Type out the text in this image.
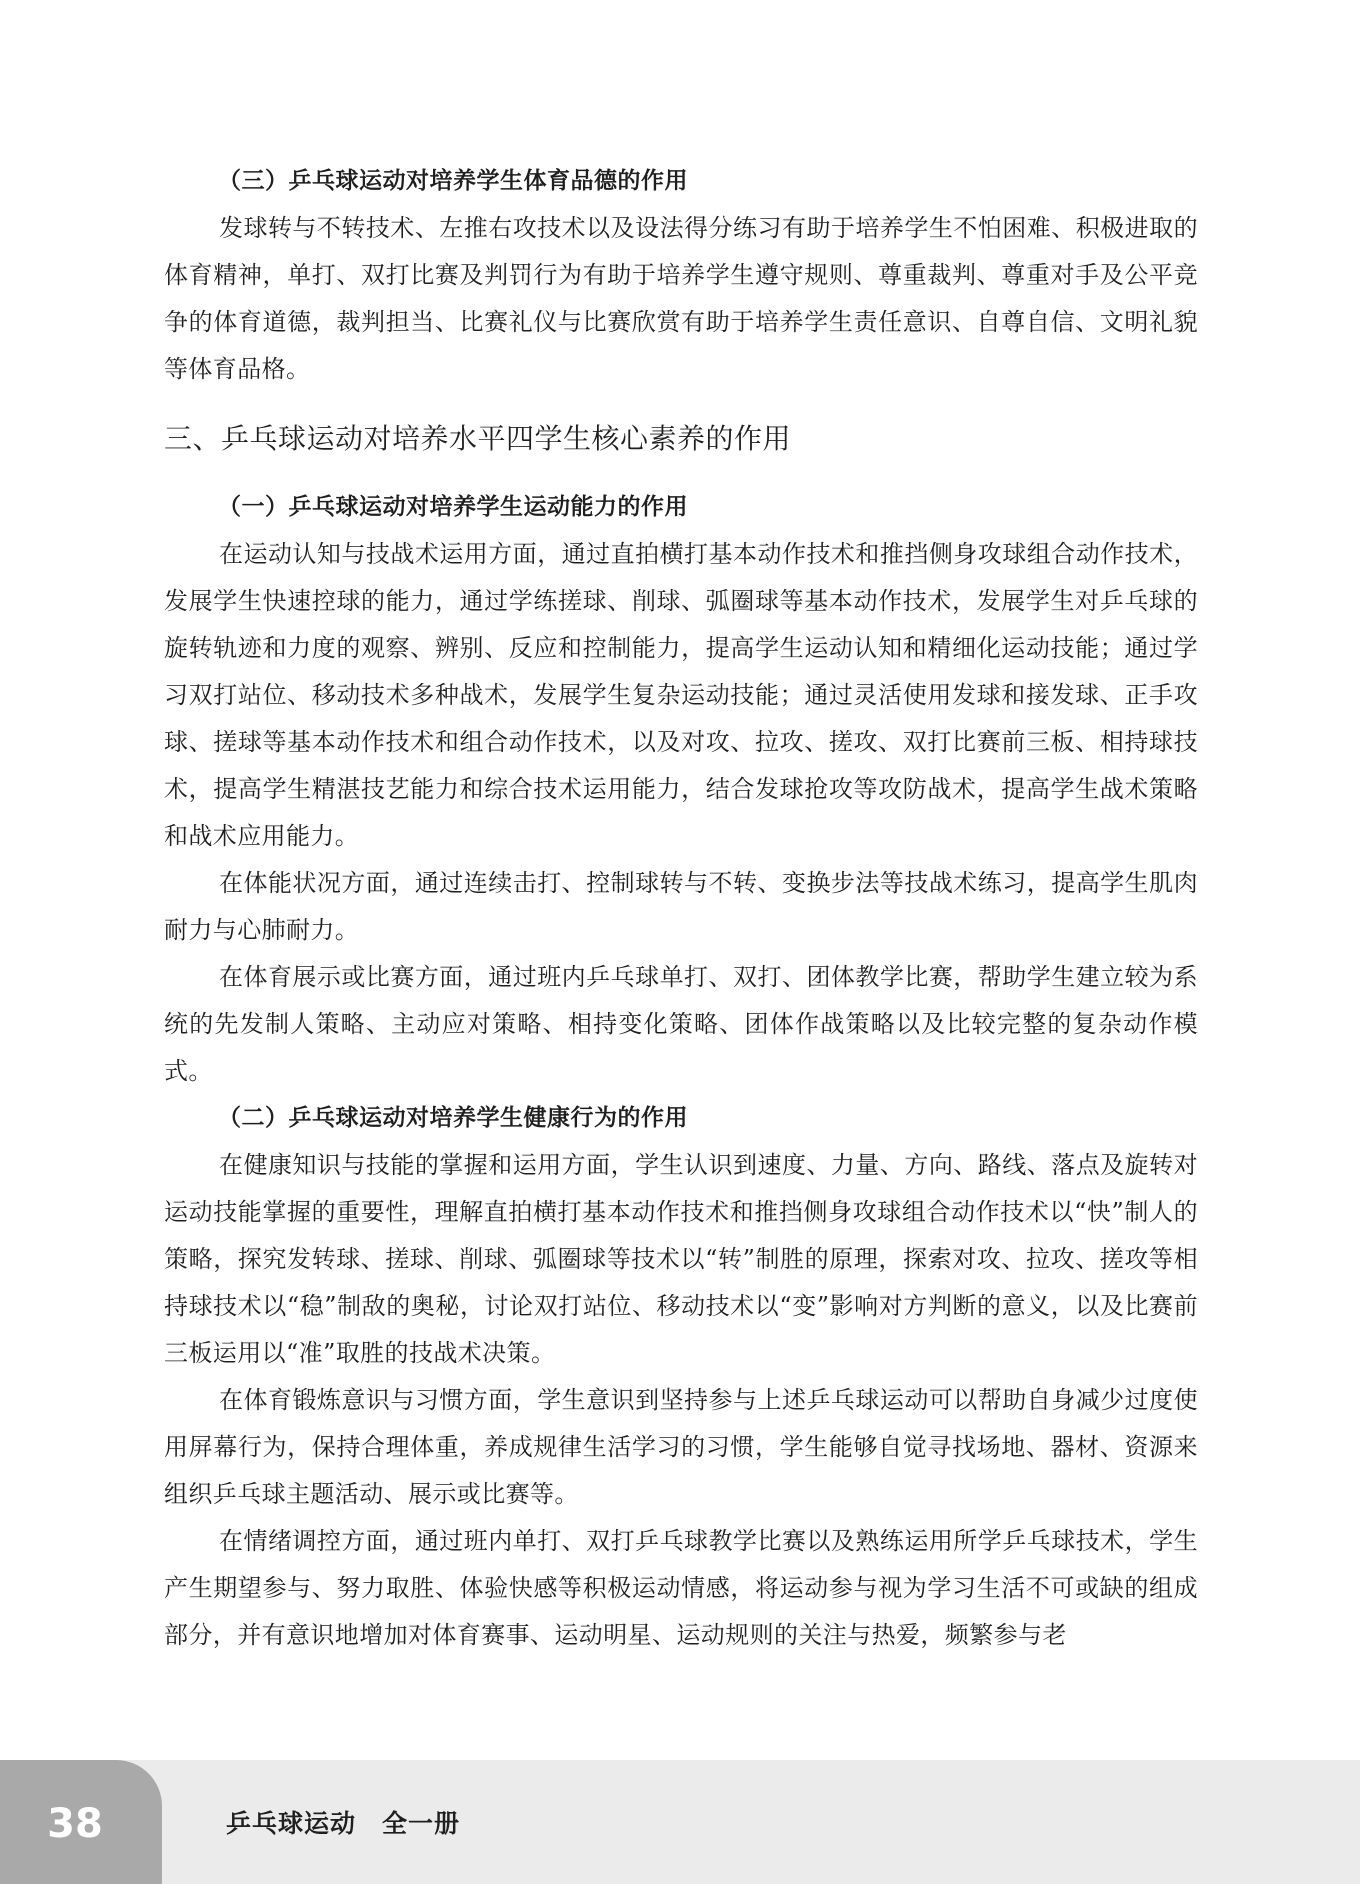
（三）乒乓球运动对培养学生体育品德的作用

发球转与不转技术、左推右攻技术以及设法得分练习有助于培养学生不怕困难、积极进取的体育精神，单打、双打比赛及判罚行为有助于培养学生遵守规则、尊重裁判、尊重对手及公平竞争的体育道德，裁判担当、比赛礼仪与比赛欣赏有助于培养学生责任意识、自尊自信、文明礼貌等体育品格。

三、乒乓球运动对培养水平四学生核心素养的作用
（一）乒乓球运动对培养学生运动能力的作用

在运动认知与技战术运用方面，通过直拍横打基本动作技术和推挡侧身攻球组合动作技术，发展学生快速控球的能力，通过学练搓球、削球、弧圈球等基本动作技术，发展学生对乒乓球的旋转轨迹和力度的观察、辨别、反应和控制能力，提高学生运动认知和精细化运动技能；通过学习双打站位、移动技术多种战术，发展学生复杂运动技能；通过灵活使用发球和接发球、正手攻球、搓球等基本动作技术和组合动作技术，以及对攻、拉攻、搓攻、双打比赛前三板、相持球技术，提高学生精湛技艺能力和综合技术运用能力，结合发球抢攻等攻防战术，提高学生战术策略和战术应用能力。

在体能状况方面，通过连续击打、控制球转与不转、变换步法等技战术练习，提高学生肌肉耐力与心肺耐力。

在体育展示或比赛方面，通过班内乒乓球单打、双打、团体教学比赛，帮助学生建立较为系统的先发制人策略、主动应对策略、相持变化策略、团体作战策略以及比较完整的复杂动作模式。

（二）乒乓球运动对培养学生健康行为的作用

在健康知识与技能的掌握和运用方面，学生认识到速度、力量、方向、路线、落点及旋转对运动技能掌握的重要性，理解直拍横打基本动作技术和推挡侧身攻球组合动作技术以“快”制人的策略，探究发转球、搓球、削球、弧圈球等技术以“转”制胜的原理，探索对攻、拉攻、搓攻等相持球技术以“稳”制敌的奥秘，讨论双打站位、移动技术以“变”影响对方判断的意义，以及比赛前三板运用以“准”取胜的技战术决策。

在体育锻炼意识与习惯方面，学生意识到坚持参与上述乒乓球运动可以帮助自身减少过度使用屏幕行为，保持合理体重，养成规律生活学习的习惯，学生能够自觉寻找场地、器材、资源来组织乒乓球主题活动、展示或比赛等。

在情绪调控方面，通过班内单打、双打乒乓球教学比赛以及熟练运用所学乒乓球技术，学生产生期望参与、努力取胜、体验快感等积极运动情感，将运动参与视为学习生活不可或缺的组成部分，并有意识地增加对体育赛事、运动明星、运动规则的关注与热爱，频繁参与老

38	乒乓球运动　全一册
